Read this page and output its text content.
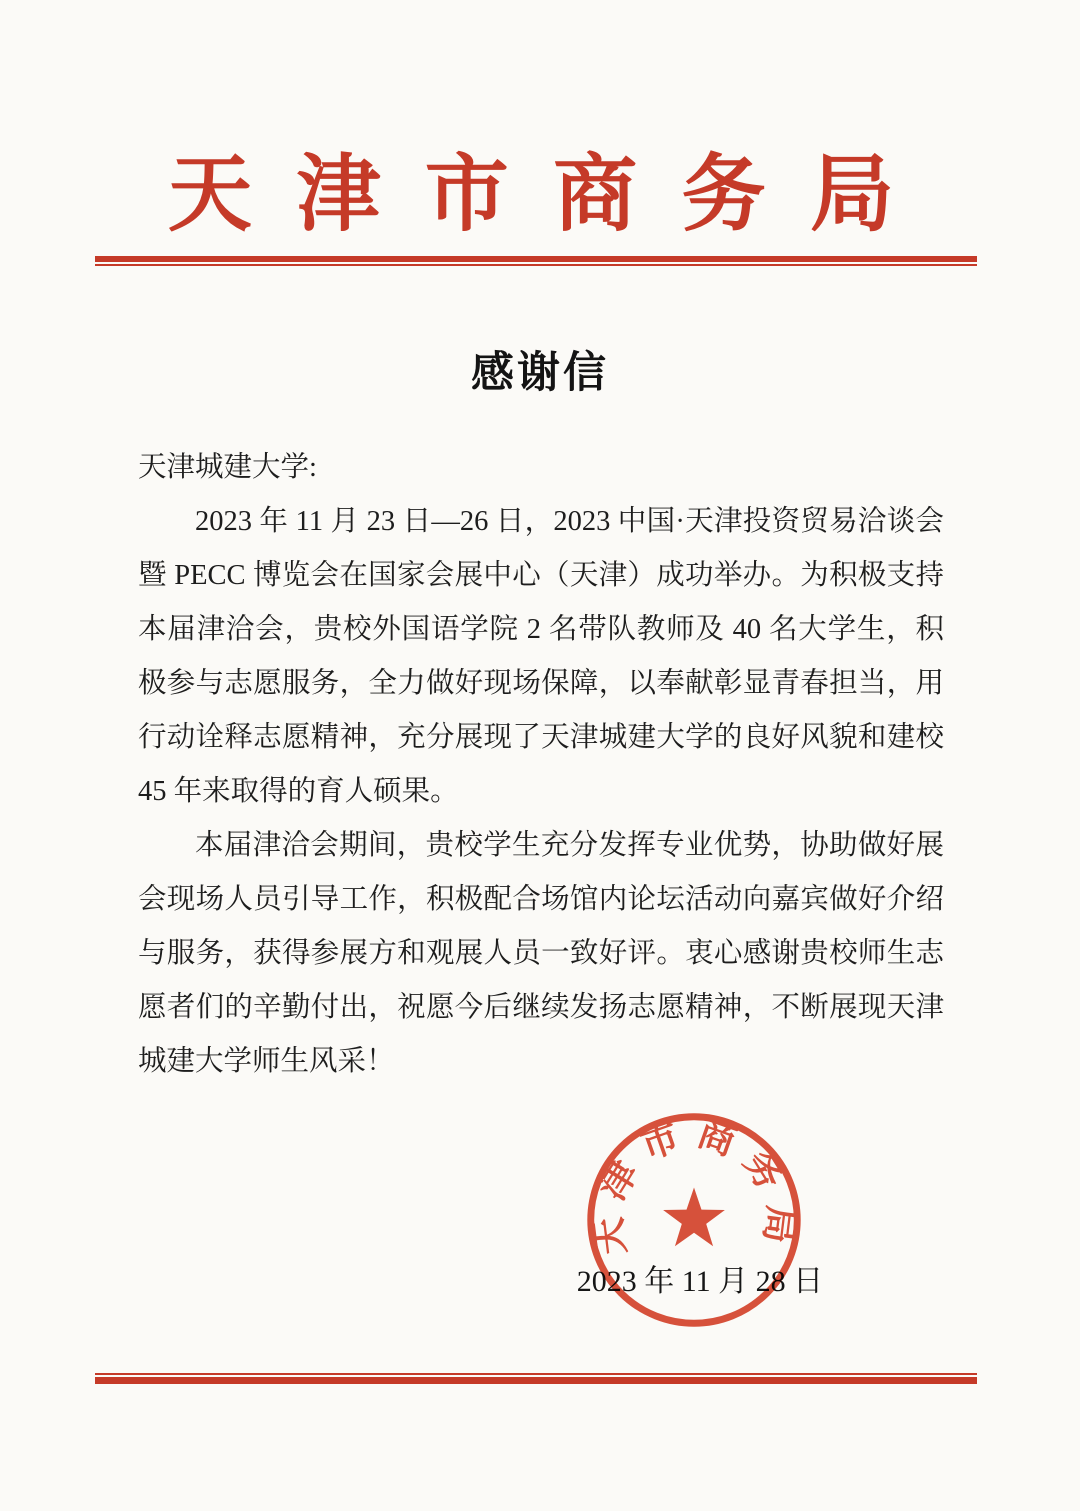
天 津 市 商 务 局
感谢信
天津城建大学:
2023 年 11 月 23 日—26 日，2023 中国·天津投资贸易洽谈会
暨 PECC 博览会在国家会展中心（天津）成功举办。为积极支持
本届津洽会，贵校外国语学院 2 名带队教师及 40 名大学生，积
极参与志愿服务，全力做好现场保障，以奉献彰显青春担当，用
行动诠释志愿精神，充分展现了天津城建大学的良好风貌和建校
45 年来取得的育人硕果。
本届津洽会期间，贵校学生充分发挥专业优势，协助做好展
会现场人员引导工作，积极配合场馆内论坛活动向嘉宾做好介绍
与服务，获得参展方和观展人员一致好评。衷心感谢贵校师生志
愿者们的辛勤付出，祝愿今后继续发扬志愿精神，不断展现天津
城建大学师生风采！
2023 年 11 月 28 日
天津市商务局
